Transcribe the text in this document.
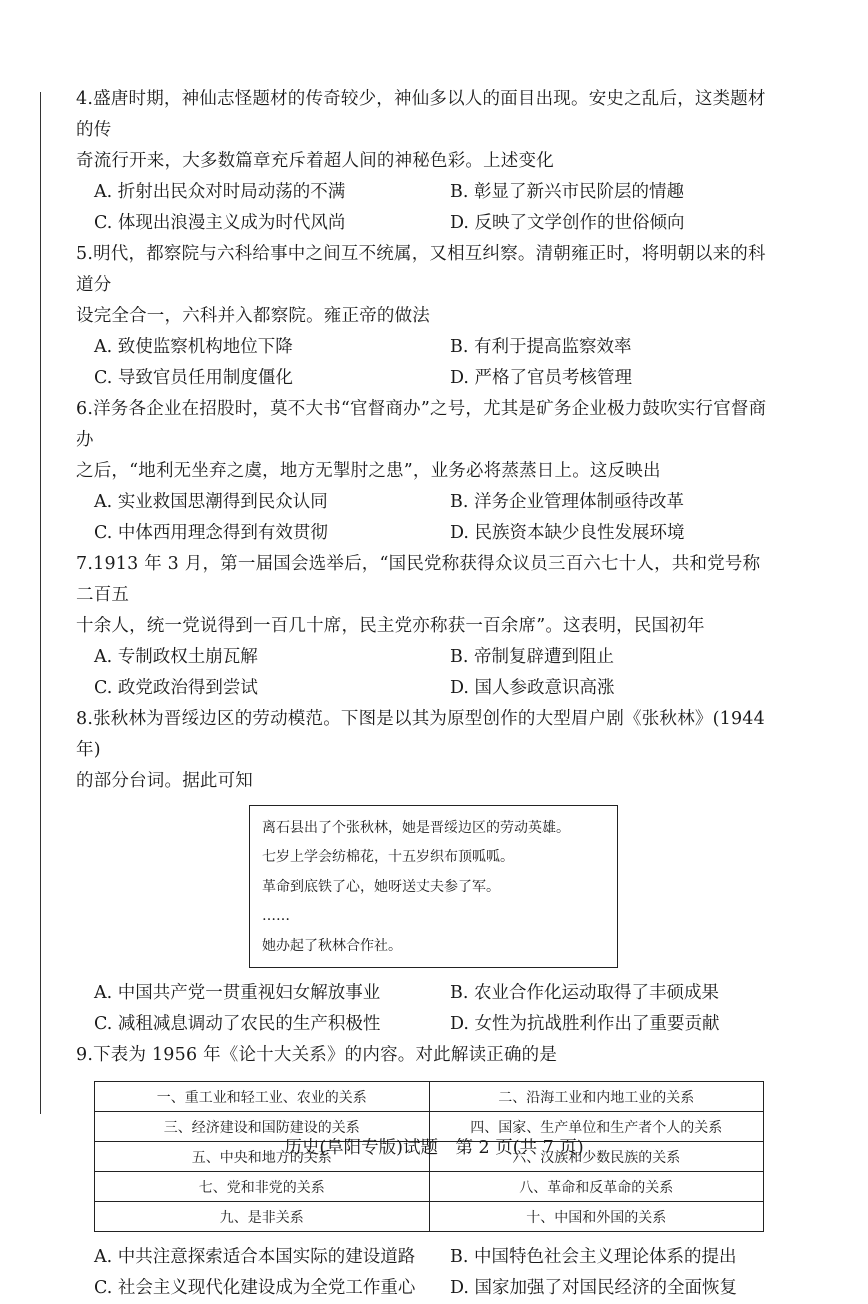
4.盛唐时期，神仙志怪题材的传奇较少，神仙多以人的面目出现。安史之乱后，这类题材的传

奇流行开来，大多数篇章充斥着超人间的神秘色彩。上述变化

A. 折射出民众对时局动荡的不满	B. 彰显了新兴市民阶层的情趣
C. 体现出浪漫主义成为时代风尚	D. 反映了文学创作的世俗倾向

5.明代，都察院与六科给事中之间互不统属，又相互纠察。清朝雍正时，将明朝以来的科道分

设完全合一，六科并入都察院。雍正帝的做法

A. 致使监察机构地位下降	B. 有利于提高监察效率
C. 导致官员任用制度僵化	D. 严格了官员考核管理

6.洋务各企业在招股时，莫不大书“官督商办”之号，尤其是矿务企业极力鼓吹实行官督商办

之后，“地利无坐弃之虞，地方无掣肘之患”，业务必将蒸蒸日上。这反映出

A. 实业救国思潮得到民众认同	B. 洋务企业管理体制亟待改革
C. 中体西用理念得到有效贯彻	D. 民族资本缺少良性发展环境

7.1913 年 3 月，第一届国会选举后，“国民党称获得众议员三百六七十人，共和党号称二百五

十余人，统一党说得到一百几十席，民主党亦称获一百余席”。这表明，民国初年

A. 专制政权土崩瓦解	B. 帝制复辟遭到阻止
C. 政党政治得到尝试	D. 国人参政意识高涨

8.张秋林为晋绥边区的劳动模范。下图是以其为原型创作的大型眉户剧《张秋林》(1944 年)

的部分台词。据此可知

离石县出了个张秋林，她是晋绥边区的劳动英雄。
七岁上学会纺棉花，十五岁织布顶呱呱。
革命到底铁了心，她呀送丈夫参了军。
……
她办起了秋林合作社。
A. 中国共产党一贯重视妇女解放事业	B. 农业合作化运动取得了丰硕成果
C. 减租减息调动了农民的生产积极性	D. 女性为抗战胜利作出了重要贡献

9.下表为 1956 年《论十大关系》的内容。对此解读正确的是

一、重工业和轻工业、农业的关系	二、沿海工业和内地工业的关系
三、经济建设和国防建设的关系	四、国家、生产单位和生产者个人的关系
五、中央和地方的关系	六、汉族和少数民族的关系
七、党和非党的关系	八、革命和反革命的关系
九、是非关系	十、中国和外国的关系
A. 中共注意探索适合本国实际的建设道路	B. 中国特色社会主义理论体系的提出
C. 社会主义现代化建设成为全党工作重心	D. 国家加强了对国民经济的全面恢复
历史(阜阳专版)试题　第 2 页(共 7 页)
